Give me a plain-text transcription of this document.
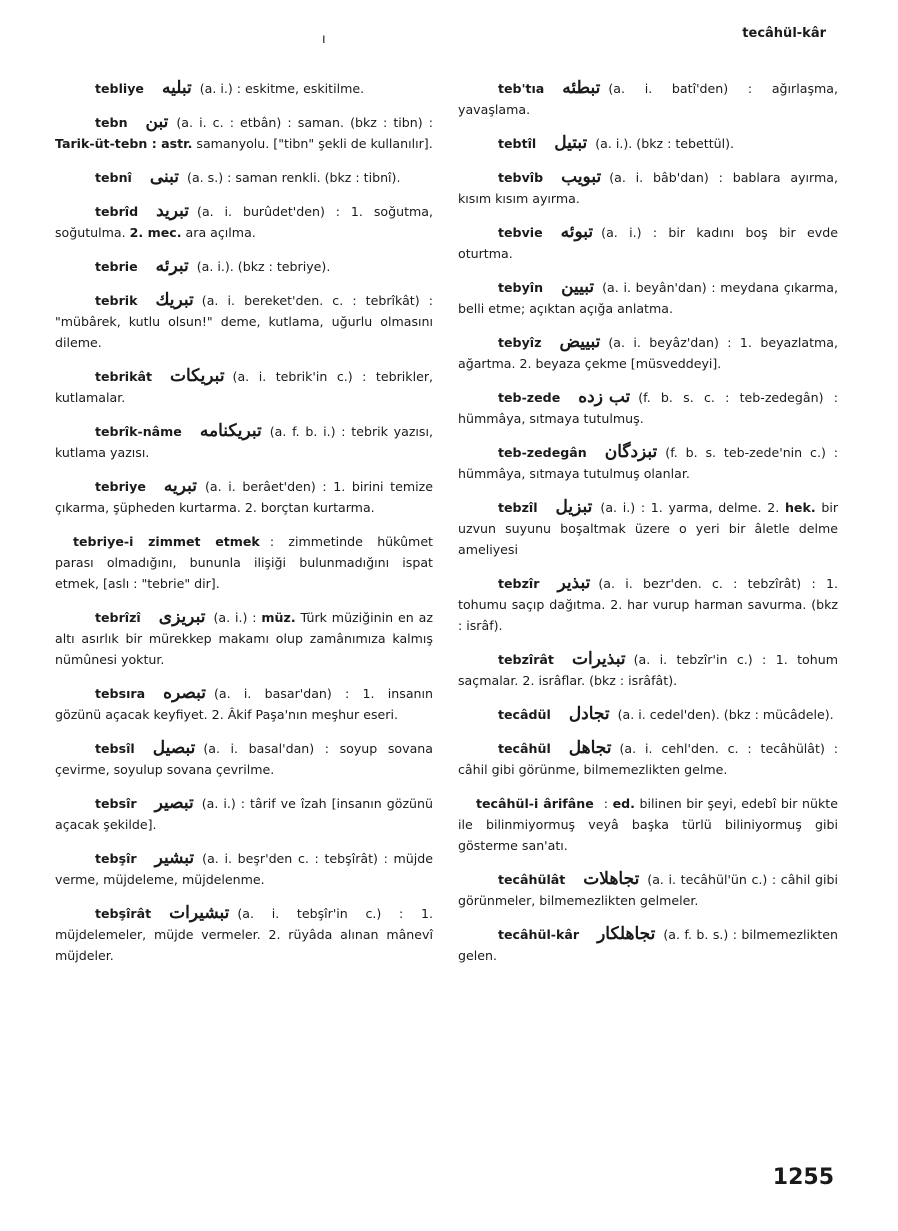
ı	tecâhül-kâr
tebliye تبليه (a. i.) : eskitme, eskitilme.
tebn تبن (a. i. c. : etbân) : saman. (bkz : tibn) : Tarik-üt-tebn : astr. samanyolu. ["tibn" şekli de kullanılır].
tebnî تبنى (a. s.) : saman renkli. (bkz : tibnî).
tebrîd تبريد (a. i. burûdet'den) : 1. soğutma, soğutulma. 2. mec. ara açılma.
tebrie تبرئه (a. i.). (bkz : tebriye).
tebrik تبريك (a. i. bereket'den. c. : tebrîkât) : "mübârek, kutlu olsun!" deme, kutlama, uğurlu olmasını dileme.
tebrikât تبريكات (a. i. tebrik'in c.) : tebrikler, kutlamalar.
tebrîk-nâme تبريكنامه (a. f. b. i.) : tebrik yazısı, kutlama yazısı.
tebriye تبريه (a. i. berâet'den) : 1. birini temize çıkarma, şüpheden kurtarma. 2. borçtan kurtarma.
tebriye-i zimmet etmek : zimmetinde hükûmet parası olmadığını, bununla ilişiği bulunmadığını ispat etmek, [aslı : "tebrie" dir].
tebrîzî تبريزى (a. i.) : müz. Türk müziğinin en az altı asırlık bir mürekkep makamı olup zamânımıza kalmış nümûnesi yoktur.
tebsıra تبصره (a. i. basar'dan) : 1. insanın gözünü açacak keyfiyet. 2. Âkif Paşa'nın meşhur eseri.
tebsîl تبصيل (a. i. basal'dan) : soyup sovana çevirme, soyulup sovana çevrilme.
tebsîr تبصير (a. i.) : târif ve îzah [insanın gözünü açacak şekilde].
tebşîr تبشير (a. i. beşr'den c. : tebşîrât) : müjde verme, müjdeleme, müjdelenme.
tebşîrât تبشيرات (a. i. tebşîr'in c.) : 1. müjdelemeler, müjde vermeler. 2. rüyâda alınan mânevî müjdeler.
teb'tıa تبطئه (a. i. batî'den) : ağırlaşma, yavaşlama.
tebtîl تبتيل (a. i.). (bkz : tebettül).
tebvîb تبويب (a. i. bâb'dan) : bablara ayırma, kısım kısım ayırma.
tebvie تبوئه (a. i.) : bir kadını boş bir evde oturtma.
tebyîn تبيين (a. i. beyân'dan) : meydana çıkarma, belli etme; açıktan açığa anlatma.
tebyîz تبييض (a. i. beyâz'dan) : 1. beyazlatma, ağartma. 2. beyaza çekme [müsveddeyi].
teb-zede تب زده (f. b. s. c. : teb-zedegân) : hümmâya, sıtmaya tutulmuş.
teb-zedegân تبزدگان (f. b. s. teb-zede'nin c.) : hümmâya, sıtmaya tutulmuş olanlar.
tebzîl تبزيل (a. i.) : 1. yarma, delme. 2. hek. bir uzvun suyunu boşaltmak üzere o yeri bir âletle delme ameliyesi
tebzîr تبذير (a. i. bezr'den. c. : tebzîrât) : 1. tohumu saçıp dağıtma. 2. har vurup harman savurma. (bkz : isrâf).
tebzîrât تبذيرات (a. i. tebzîr'in c.) : 1. tohum saçmalar. 2. isrâflar. (bkz : isrâfât).
tecâdül تجادل (a. i. cedel'den). (bkz : mücâdele).
tecâhül تجاهل (a. i. cehl'den. c. : tecâhülât) : câhil gibi görünme, bilmemezlikten gelme.
tecâhül-i ârifâne : ed. bilinen bir şeyi, edebî bir nükte ile bilinmiyormuş veyâ başka türlü biliniyormuş gibi gösterme san'atı.
tecâhülât تجاهلات (a. i. tecâhül'ün c.) : câhil gibi görünmeler, bilmemezlikten gelmeler.
tecâhül-kâr تجاهلكار (a. f. b. s.) : bilmemezlikten gelen.
1255
